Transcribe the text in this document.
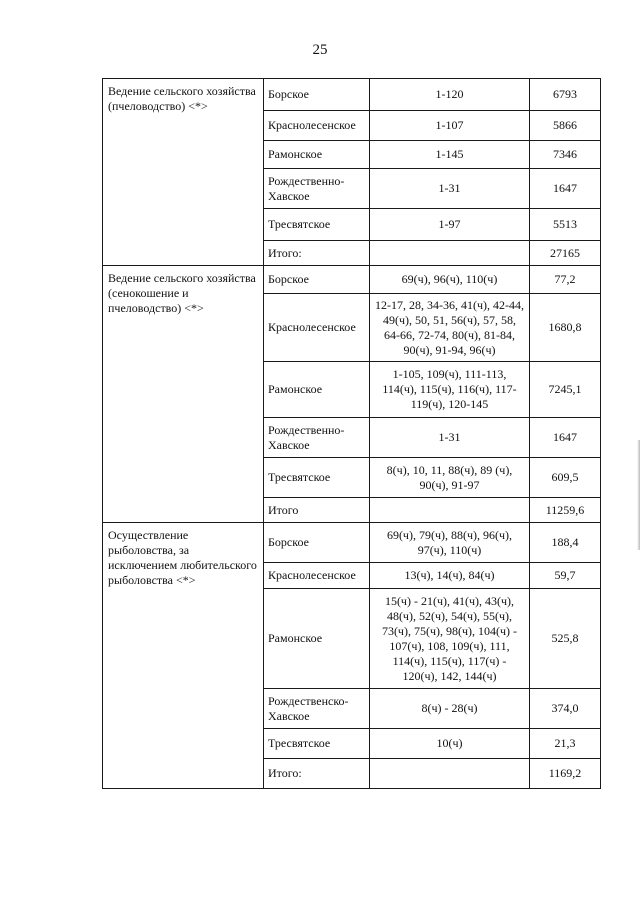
25
Ведение сельского хозяйства (пчеловодство) <*>	Борское	1-120	6793
	Краснолесенское	1-107	5866
	Рамонское	1-145	7346
	Рождественно-Хавское	1-31	1647
	Тресвятское	1-97	5513
	Итого:		27165
Ведение сельского хозяйства (сенокошение и пчеловодство) <*>	Борское	69(ч), 96(ч), 110(ч)	77,2
	Краснолесенское	12-17, 28, 34-36, 41(ч), 42-44, 49(ч), 50, 51, 56(ч), 57, 58, 64-66, 72-74, 80(ч), 81-84, 90(ч), 91-94, 96(ч)	1680,8
	Рамонское	1-105, 109(ч), 111-113, 114(ч), 115(ч), 116(ч), 117-119(ч), 120-145	7245,1
	Рождественно-Хавское	1-31	1647
	Тресвятское	8(ч), 10, 11, 88(ч), 89 (ч), 90(ч), 91-97	609,5
	Итого		11259,6
Осуществление рыболовства, за исключением любительского рыболовства <*>	Борское	69(ч), 79(ч), 88(ч), 96(ч), 97(ч), 110(ч)	188,4
	Краснолесенское	13(ч), 14(ч), 84(ч)	59,7
	Рамонское	15(ч) - 21(ч), 41(ч), 43(ч), 48(ч), 52(ч), 54(ч), 55(ч), 73(ч), 75(ч), 98(ч), 104(ч) - 107(ч), 108, 109(ч), 111, 114(ч), 115(ч), 117(ч) - 120(ч), 142, 144(ч)	525,8
	Рождественско-Хавское	8(ч) - 28(ч)	374,0
	Тресвятское	10(ч)	21,3
	Итого:		1169,2
